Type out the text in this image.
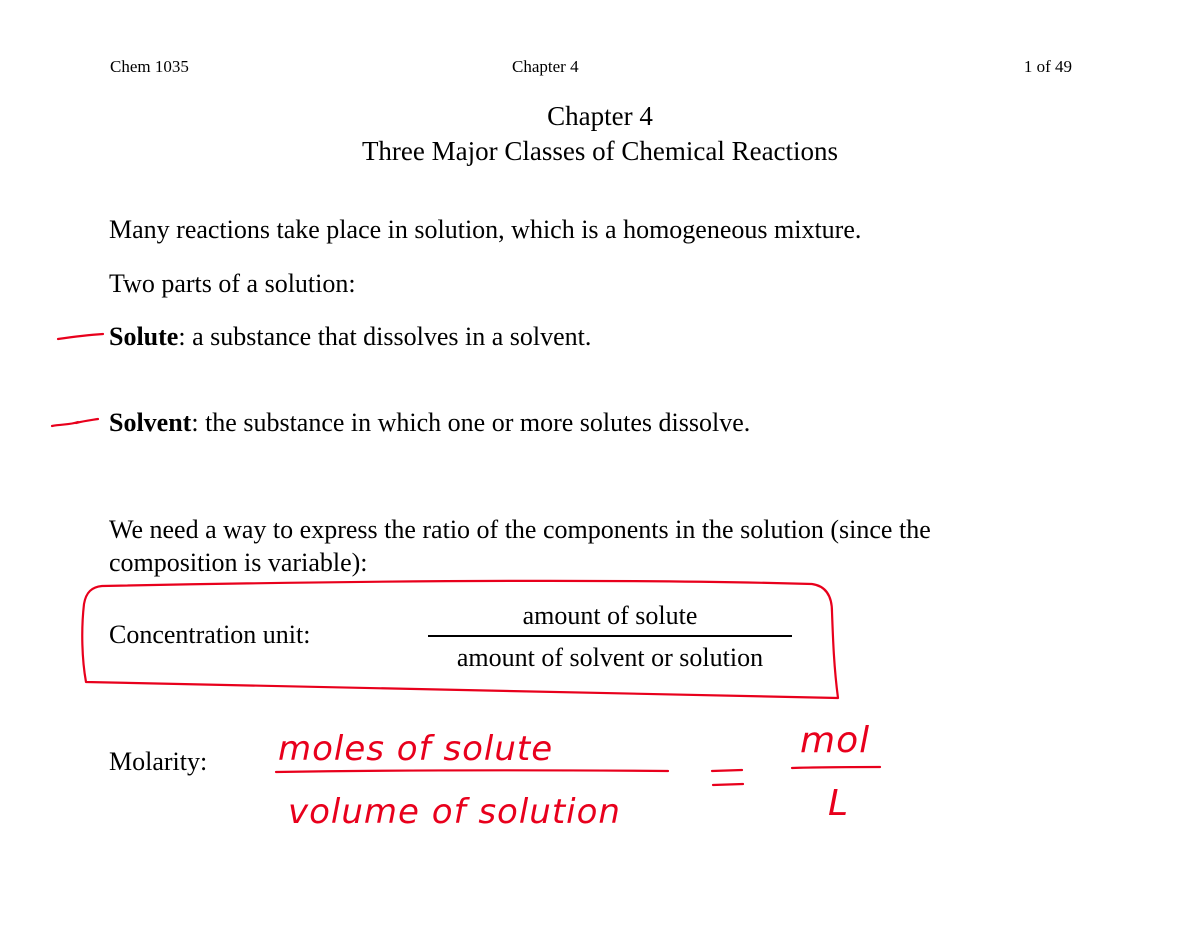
Chem 1035	Chapter 4	1 of 49
Chapter 4
Three Major Classes of Chemical Reactions
Many reactions take place in solution, which is a homogeneous mixture.
Two parts of a solution:
Solute: a substance that dissolves in a solvent.
Solvent: the substance in which one or more solutes dissolve.
We need a way to express the ratio of the components in the solution (since the
composition is variable):
Concentration unit:
amount of solute
amount of solvent or solution
Molarity: moles of solute
volume of solution
mol
L
